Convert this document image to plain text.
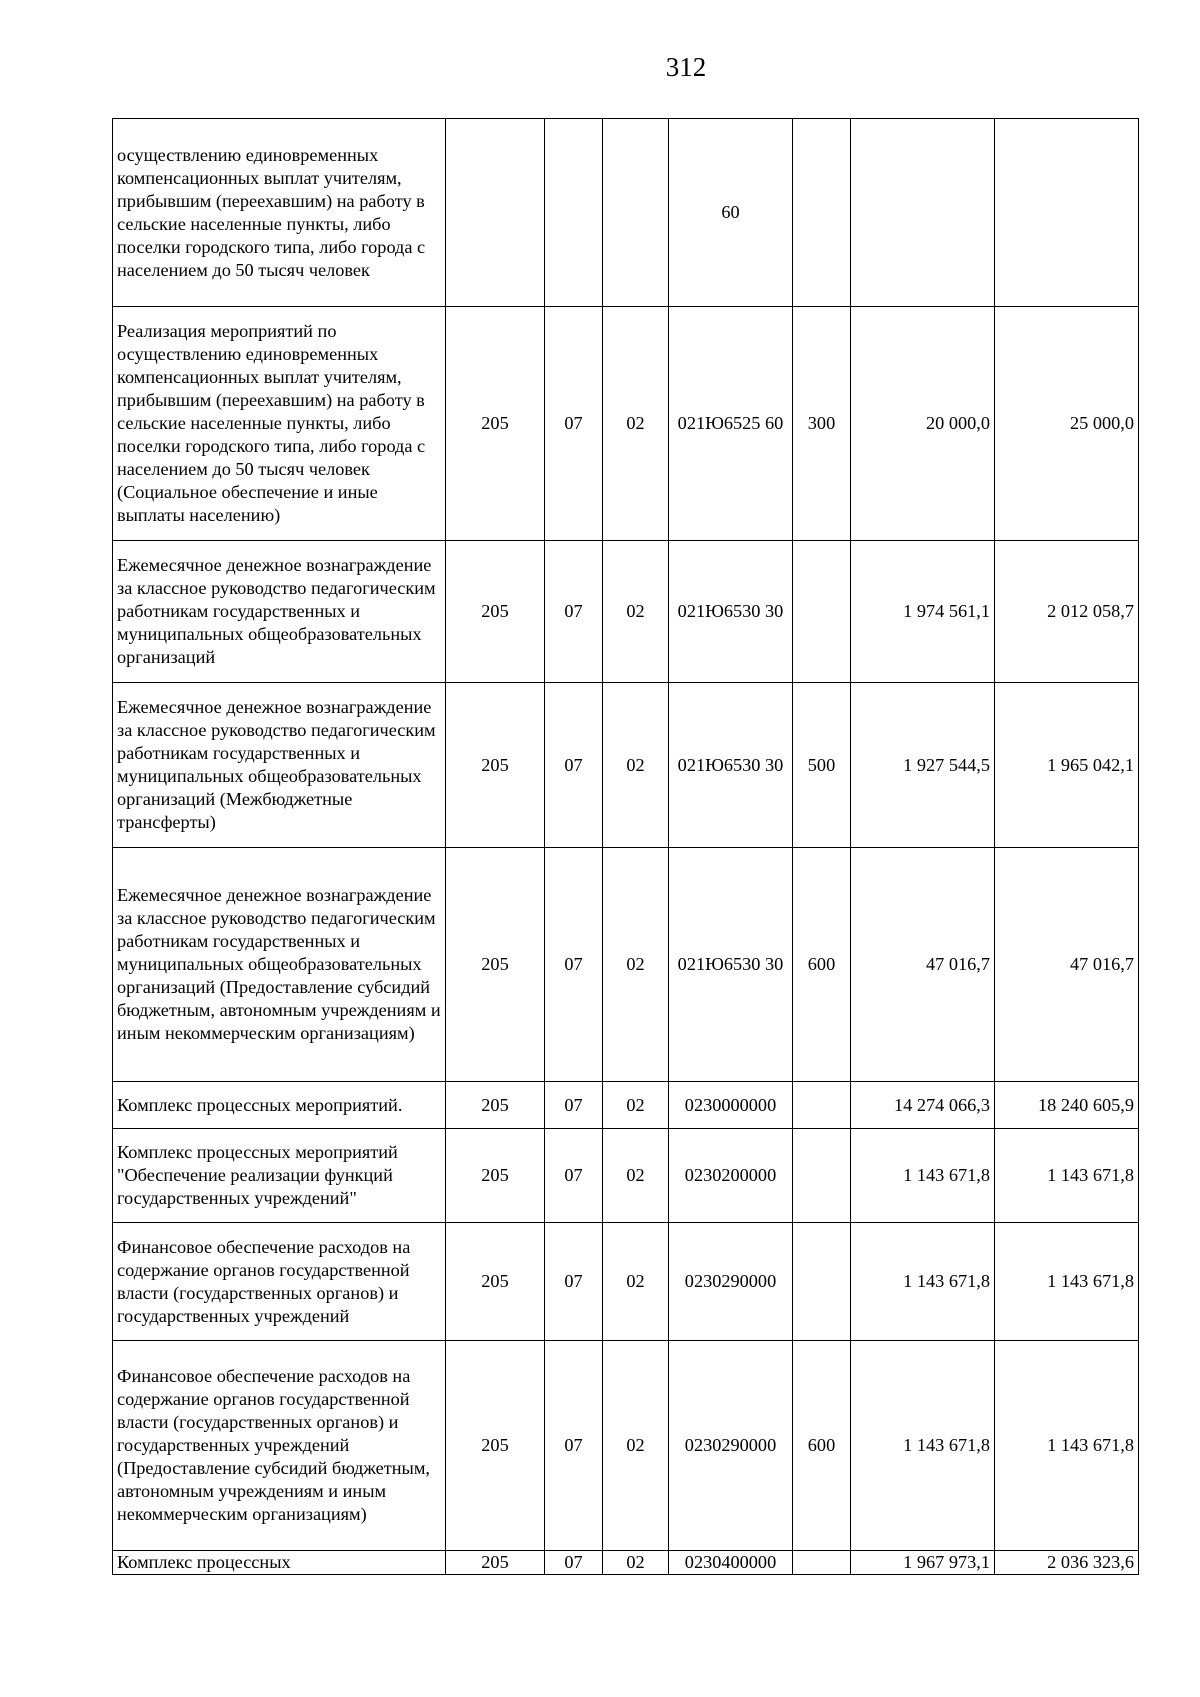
312
осуществлению единовременных компенсационных выплат учителям, прибывшим (переехавшим) на работу в сельские населенные пункты, либо поселки городского типа, либо города с населением до 50 тысяч человек				60			
Реализация мероприятий по осуществлению единовременных компенсационных выплат учителям, прибывшим (переехавшим) на работу в сельские населенные пункты, либо поселки городского типа, либо города с населением до 50 тысяч человек (Социальное обеспечение и иные выплаты населению)	205	07	02	021Ю6525 60	300	20 000,0	25 000,0
Ежемесячное денежное вознаграждение за классное руководство педагогическим работникам государственных и муниципальных общеобразовательных организаций	205	07	02	021Ю6530 30		1 974 561,1	2 012 058,7
Ежемесячное денежное вознаграждение за классное руководство педагогическим работникам государственных и муниципальных общеобразовательных организаций (Межбюджетные трансферты)	205	07	02	021Ю6530 30	500	1 927 544,5	1 965 042,1
Ежемесячное денежное вознаграждение за классное руководство педагогическим работникам государственных и муниципальных общеобразовательных организаций (Предоставление субсидий бюджетным, автономным учреждениям и иным некоммерческим организациям)	205	07	02	021Ю6530 30	600	47 016,7	47 016,7
Комплекс процессных мероприятий.	205	07	02	0230000000		14 274 066,3	18 240 605,9
Комплекс процессных мероприятий "Обеспечение реализации функций государственных учреждений"	205	07	02	0230200000		1 143 671,8	1 143 671,8
Финансовое обеспечение расходов на содержание органов государственной власти (государственных органов) и государственных учреждений	205	07	02	0230290000		1 143 671,8	1 143 671,8
Финансовое обеспечение расходов на содержание органов государственной власти (государственных органов) и государственных учреждений (Предоставление субсидий бюджетным, автономным учреждениям и иным некоммерческим организациям)	205	07	02	0230290000	600	1 143 671,8	1 143 671,8
Комплекс процессных	205	07	02	0230400000		1 967 973,1	2 036 323,6
